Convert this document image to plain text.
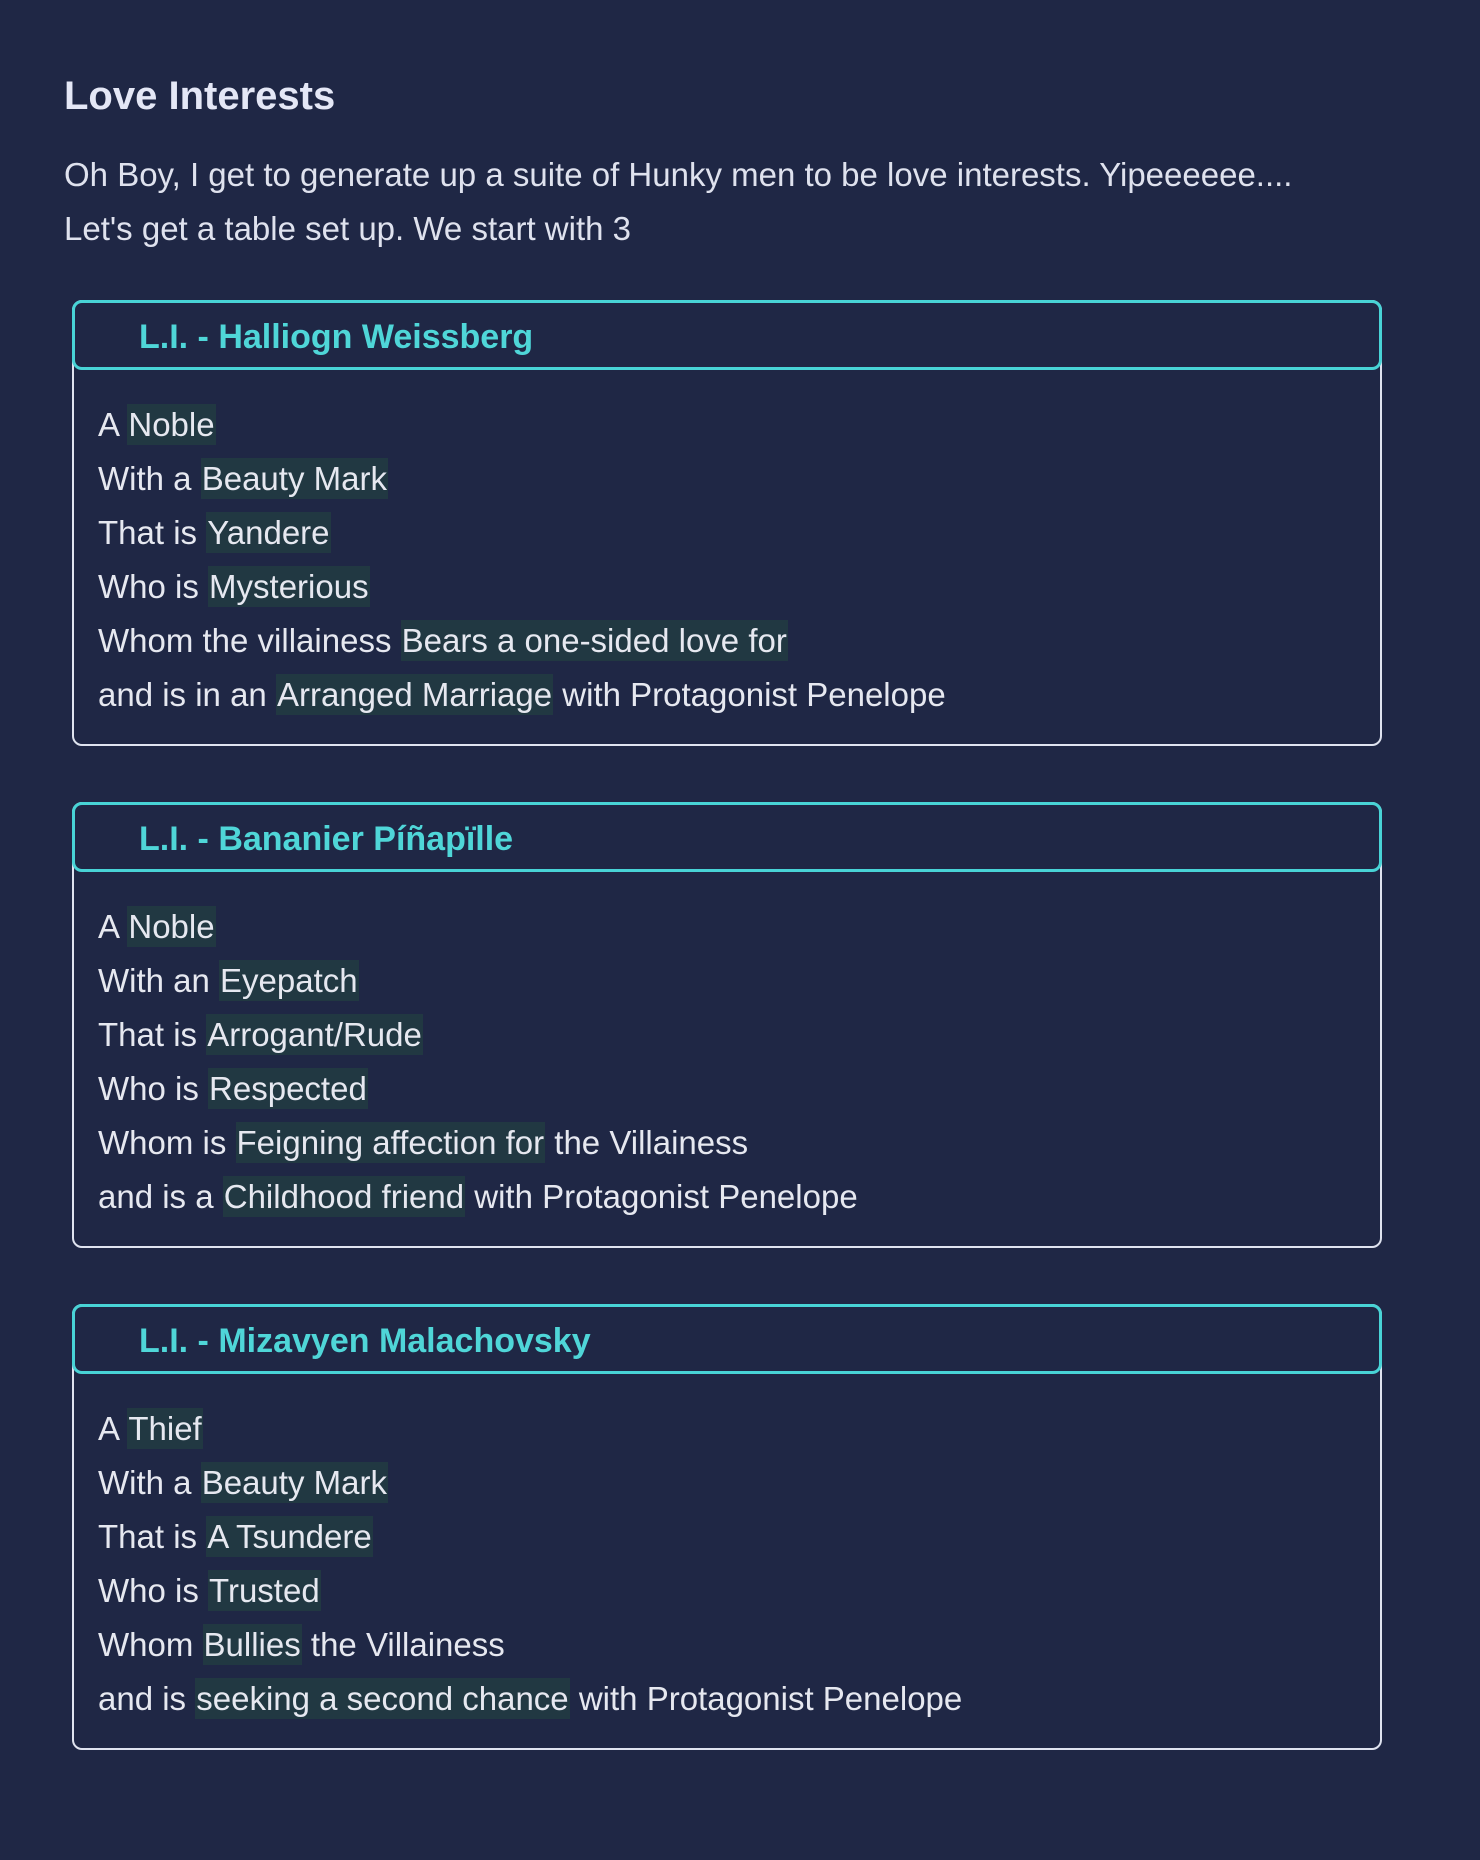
Love Interests
Oh Boy, I get to generate up a suite of Hunky men to be love interests. Yipeeeeee....
Let's get a table set up. We start with 3
L.I. - Halliogn Weissberg
A Noble
With a Beauty Mark
That is Yandere
Who is Mysterious
Whom the villainess Bears a one-sided love for
and is in an Arranged Marriage with Protagonist Penelope
L.I. - Bananier Píñapïlle
A Noble
With an Eyepatch
That is Arrogant/Rude
Who is Respected
Whom is Feigning affection for the Villainess
and is a Childhood friend with Protagonist Penelope
L.I. - Mizavyen Malachovsky
A Thief
With a Beauty Mark
That is A Tsundere
Who is Trusted
Whom Bullies the Villainess
and is seeking a second chance with Protagonist Penelope
